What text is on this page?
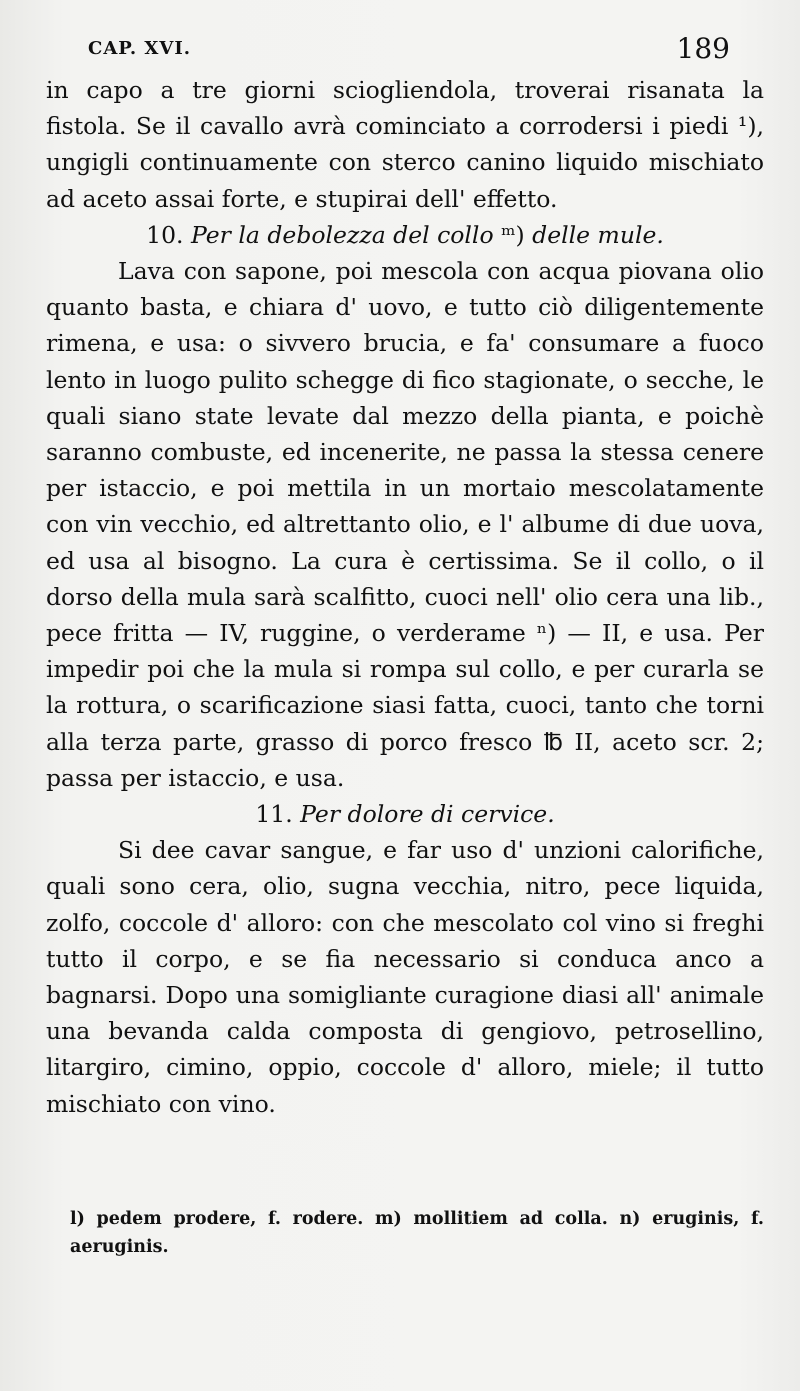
CAP. XVI.	189

in capo a tre giorni sciogliendola, troverai risanata la fistola. Se il cavallo avrà cominciato a corrodersi i piedi ¹), ungigli continuamente con sterco canino liquido mischiato ad aceto assai forte, e stupirai dell' effetto.

10. Per la debolezza del collo ᵐ) delle mule.

Lava con sapone, poi mescola con acqua piovana olio quanto basta, e chiara d' uovo, e tutto ciò diligentemente rimena, e usa: o sivvero brucia, e fa' consumare a fuoco lento in luogo pulito schegge di fico stagionate, o secche, le quali siano state levate dal mezzo della pianta, e poichè saranno combuste, ed incenerite, ne passa la stessa cenere per istaccio, e poi mettila in un mortaio mescolatamente con vin vecchio, ed altrettanto olio, e l' albume di due uova, ed usa al bisogno. La cura è certissima. Se il collo, o il dorso della mula sarà scalfitto, cuoci nell' olio cera una lib., pece fritta — IV, ruggine, o verderame ⁿ) — II, e usa. Per impedir poi che la mula si rompa sul collo, e per curarla se la rottura, o scarificazione siasi fatta, cuoci, tanto che torni alla terza parte, grasso di porco fresco ℔ II, aceto scr. 2; passa per istaccio, e usa.

11. Per dolore di cervice.

Si dee cavar sangue, e far uso d' unzioni calorifiche, quali sono cera, olio, sugna vecchia, nitro, pece liquida, zolfo, coccole d' alloro: con che mescolato col vino si freghi tutto il corpo, e se fia necessario si conduca anco a bagnarsi. Dopo una somigliante curagione diasi all' animale una bevanda calda composta di gengiovo, petrosellino, litargiro, cimino, oppio, coccole d' alloro, miele; il tutto mischiato con vino.

l) pedem prodere, f. rodere. m) mollitiem ad colla. n) eruginis, f. aeruginis.
